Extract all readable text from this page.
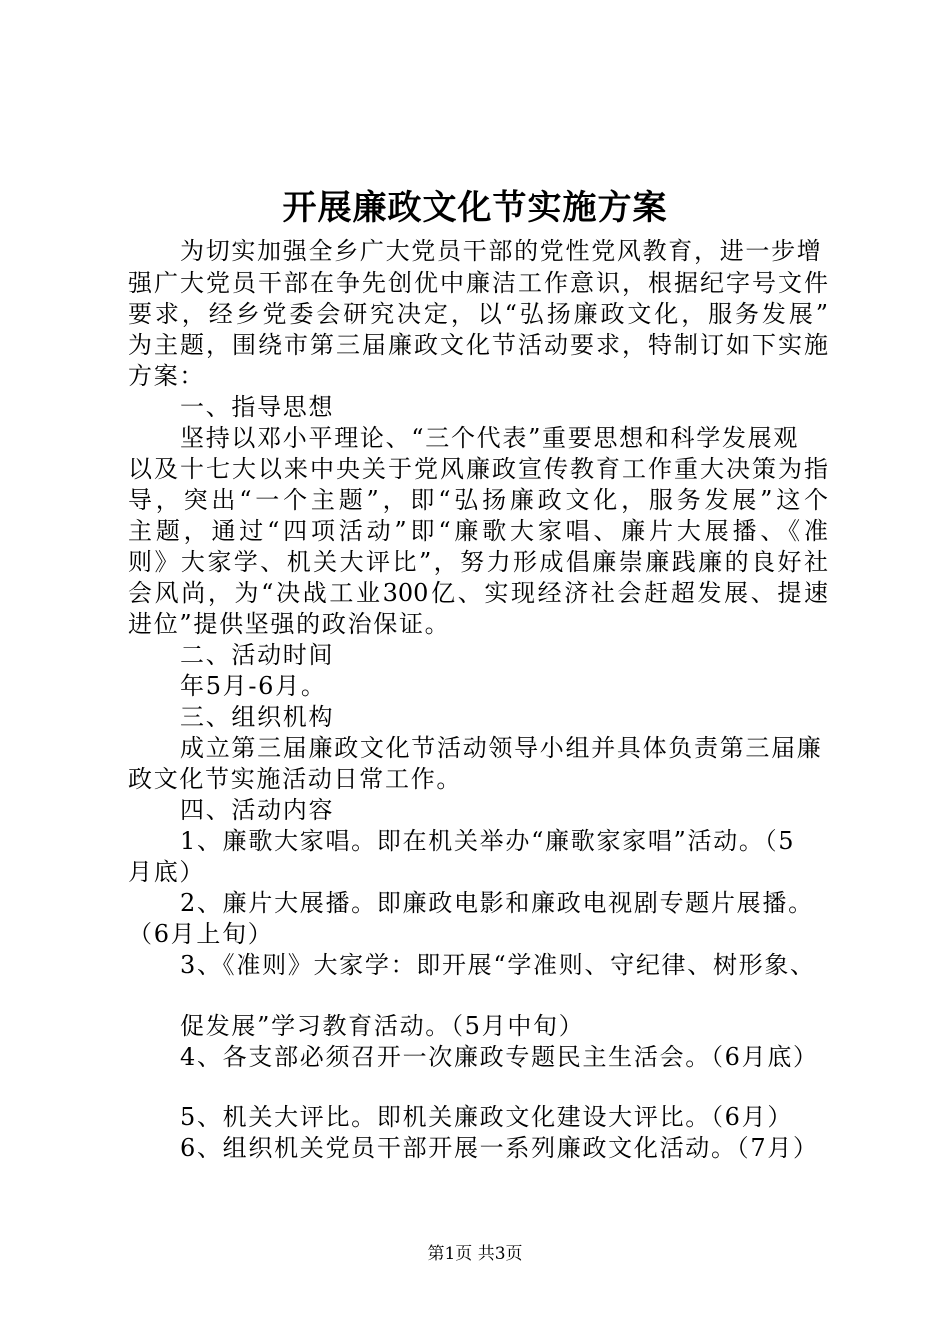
开展廉政文化节实施方案
为切实加强全乡广大党员干部的党性党风教育，进一步增
强广大党员干部在争先创优中廉洁工作意识，根据纪字号文件
要求，经乡党委会研究决定，以“弘扬廉政文化，服务发展”
为主题，围绕市第三届廉政文化节活动要求，特制订如下实施
方案：
一、指导思想
坚持以邓小平理论、“三个代表”重要思想和科学发展观
以及十七大以来中央关于党风廉政宣传教育工作重大决策为指
导，突出“一个主题”，即“弘扬廉政文化，服务发展”这个
主题，通过“四项活动”即“廉歌大家唱、廉片大展播、《准
则》大家学、机关大评比”，努力形成倡廉崇廉践廉的良好社
会风尚，为“决战工业300亿、实现经济社会赶超发展、提速
进位”提供坚强的政治保证。
二、活动时间
年5月-6月。
三、组织机构
成立第三届廉政文化节活动领导小组并具体负责第三届廉
政文化节实施活动日常工作。
四、活动内容
1、廉歌大家唱。即在机关举办“廉歌家家唱”活动。（5
月底）
2、廉片大展播。即廉政电影和廉政电视剧专题片展播。
（6月上旬）
3、《准则》大家学：即开展“学准则、守纪律、树形象、
促发展”学习教育活动。（5月中旬）
4、各支部必须召开一次廉政专题民主生活会。（6月底）
5、机关大评比。即机关廉政文化建设大评比。（6月）
6、组织机关党员干部开展一系列廉政文化活动。（7月）
第1页 共3页
